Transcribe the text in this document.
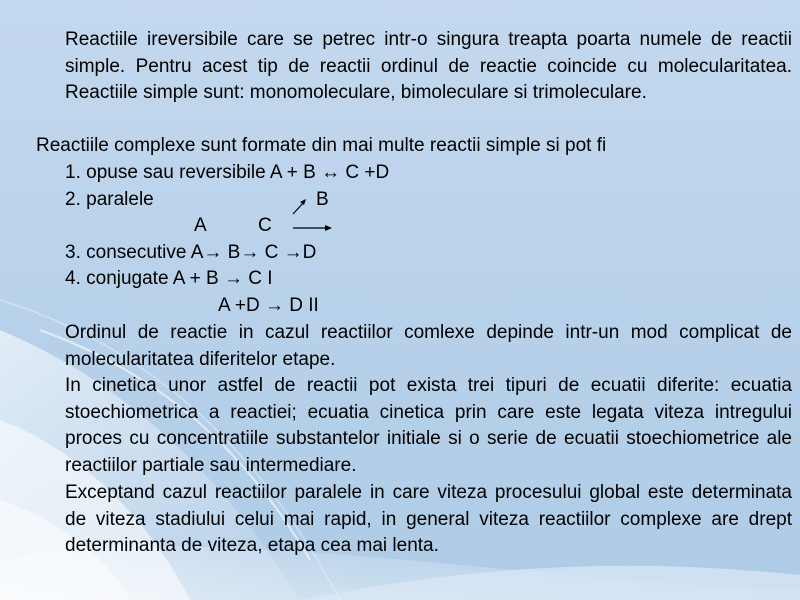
Reactiile ireversibile care se petrec intr-o singura treapta poarta numele de reactii simple. Pentru acest tip de reactii ordinul de reactie coincide cu molecularitatea. Reactiile simple sunt: monomoleculare, bimoleculare si trimoleculare.
Reactiile complexe sunt formate din mai multe reactii simple si pot fi
1. opuse sau reversibile A + B ↔ C +D
2. paralele	B
A	C
3. consecutive A→ B→ C →D
4. conjugate A + B → C I
A +D → D II
Ordinul de reactie in cazul reactiilor comlexe depinde intr-un mod complicat de molecularitatea diferitelor etape.
In cinetica unor astfel de reactii pot exista trei tipuri de ecuatii diferite: ecuatia stoechiometrica a reactiei; ecuatia cinetica prin care este legata viteza intregului proces cu concentratiile substantelor initiale si o serie de ecuatii stoechiometrice ale reactiilor partiale sau intermediare.
Exceptand cazul reactiilor paralele in care viteza procesului global este determinata de viteza stadiului celui mai rapid, in general viteza reactiilor complexe are drept determinanta de viteza, etapa cea mai lenta.
